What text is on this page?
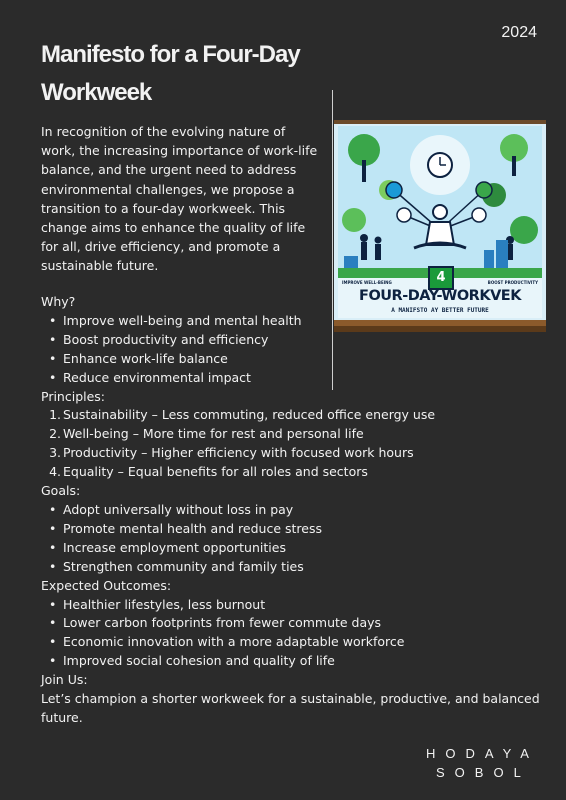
2024
Manifesto for a Four-Day Workweek

In recognition of the evolving nature of work, the increasing importance of work-life balance, and the urgent need to address environmental challenges, we propose a transition to a four-day workweek. This change aims to enhance the quality of life for all, drive efficiency, and promote a sustainable future.

4
IMPROVE WELL-BEING	BOOST PRODUCTIVITY
FOUR-DAY-WORKVEK
A MANIFSTO AY BETTER FUTURE

Why?

• Improve well-being and mental health
• Boost productivity and efficiency
• Enhance work-life balance
• Reduce environmental impact

Principles:

1. Sustainability – Less commuting, reduced office energy use
2. Well-being – More time for rest and personal life
3. Productivity – Higher efficiency with focused work hours
4. Equality – Equal benefits for all roles and sectors

Goals:

• Adopt universally without loss in pay
• Promote mental health and reduce stress
• Increase employment opportunities
• Strengthen community and family ties

Expected Outcomes:

• Healthier lifestyles, less burnout
• Lower carbon footprints from fewer commute days
• Economic innovation with a more adaptable workforce
• Improved social cohesion and quality of life

Join Us:

Let’s champion a shorter workweek for a sustainable, productive, and balanced future.

HODAYA
SOBOL
